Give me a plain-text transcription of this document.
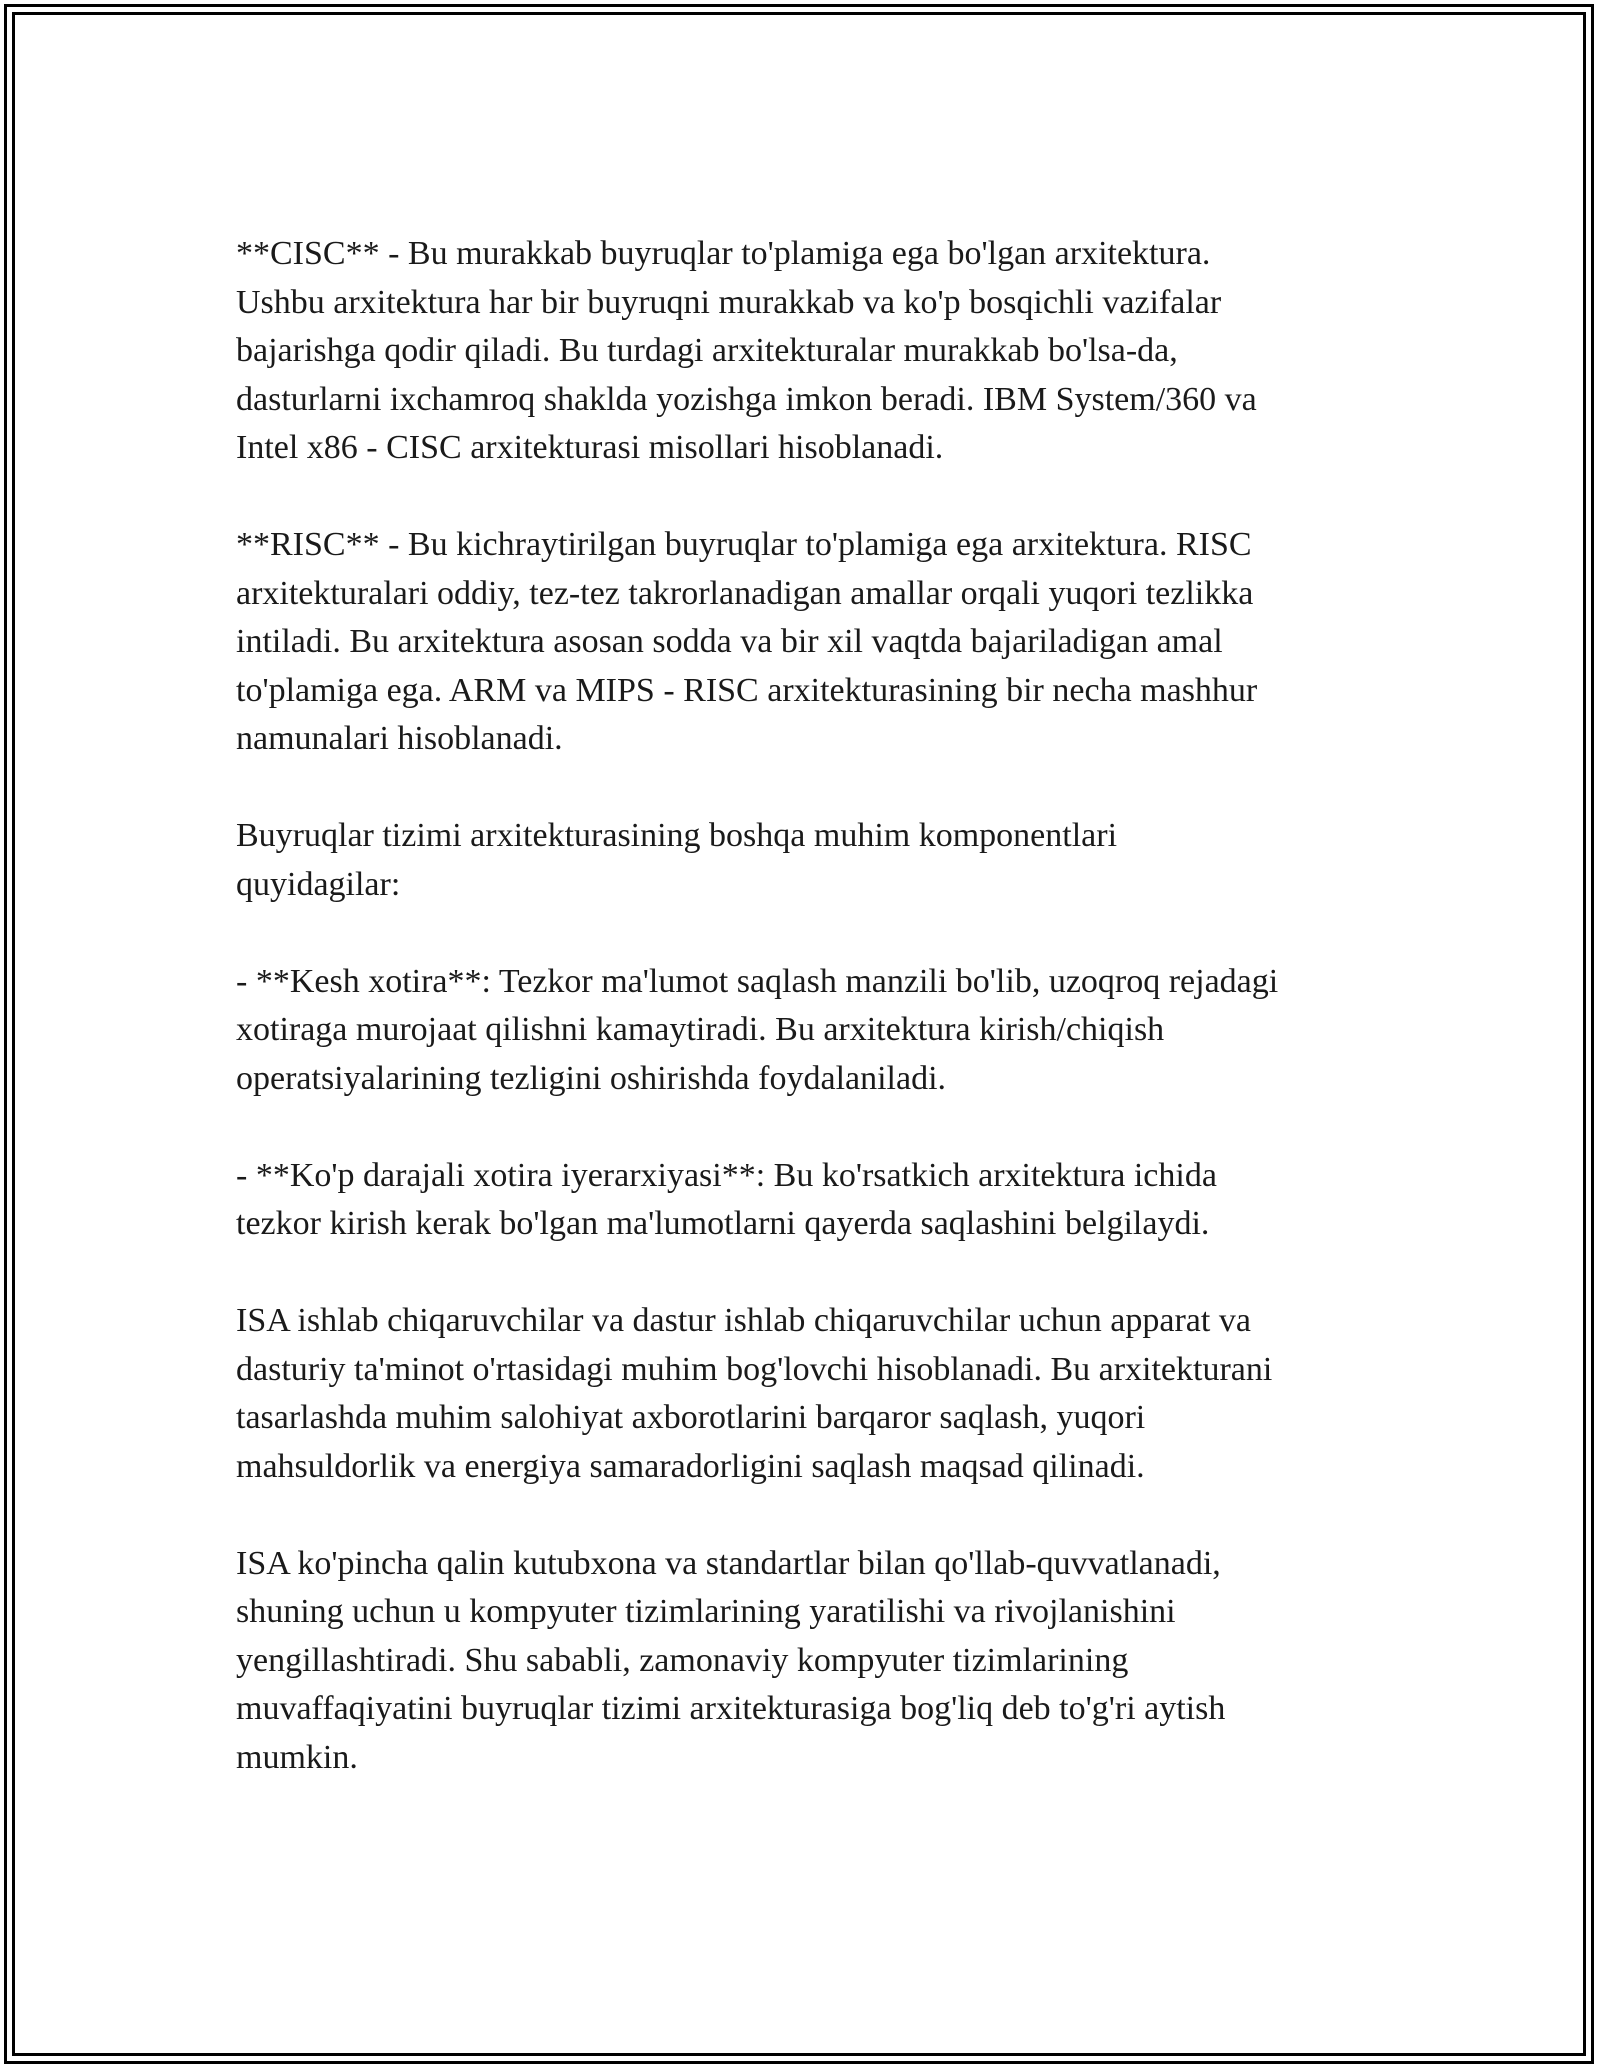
**CISC** - Bu murakkab buyruqlar to'plamiga ega bo'lgan arxitektura.
Ushbu arxitektura har bir buyruqni murakkab va ko'p bosqichli vazifalar
bajarishga qodir qiladi. Bu turdagi arxitekturalar murakkab bo'lsa-da,
dasturlarni ixchamroq shaklda yozishga imkon beradi. IBM System/360 va
Intel x86 - CISC arxitekturasi misollari hisoblanadi.

**RISC** - Bu kichraytirilgan buyruqlar to'plamiga ega arxitektura. RISC
arxitekturalari oddiy, tez-tez takrorlanadigan amallar orqali yuqori tezlikka
intiladi. Bu arxitektura asosan sodda va bir xil vaqtda bajariladigan amal
to'plamiga ega. ARM va MIPS - RISC arxitekturasining bir necha mashhur
namunalari hisoblanadi.

Buyruqlar tizimi arxitekturasining boshqa muhim komponentlari
quyidagilar:

- **Kesh xotira**: Tezkor ma'lumot saqlash manzili bo'lib, uzoqroq rejadagi
xotiraga murojaat qilishni kamaytiradi. Bu arxitektura kirish/chiqish
operatsiyalarining tezligini oshirishda foydalaniladi.

- **Ko'p darajali xotira iyerarxiyasi**: Bu ko'rsatkich arxitektura ichida
tezkor kirish kerak bo'lgan ma'lumotlarni qayerda saqlashini belgilaydi.

ISA ishlab chiqaruvchilar va dastur ishlab chiqaruvchilar uchun apparat va
dasturiy ta'minot o'rtasidagi muhim bog'lovchi hisoblanadi. Bu arxitekturani
tasarlashda muhim salohiyat axborotlarini barqaror saqlash, yuqori
mahsuldorlik va energiya samaradorligini saqlash maqsad qilinadi.

ISA ko'pincha qalin kutubxona va standartlar bilan qo'llab-quvvatlanadi,
shuning uchun u kompyuter tizimlarining yaratilishi va rivojlanishini
yengillashtiradi. Shu sababli, zamonaviy kompyuter tizimlarining
muvaffaqiyatini buyruqlar tizimi arxitekturasiga bog'liq deb to'g'ri aytish
mumkin.
